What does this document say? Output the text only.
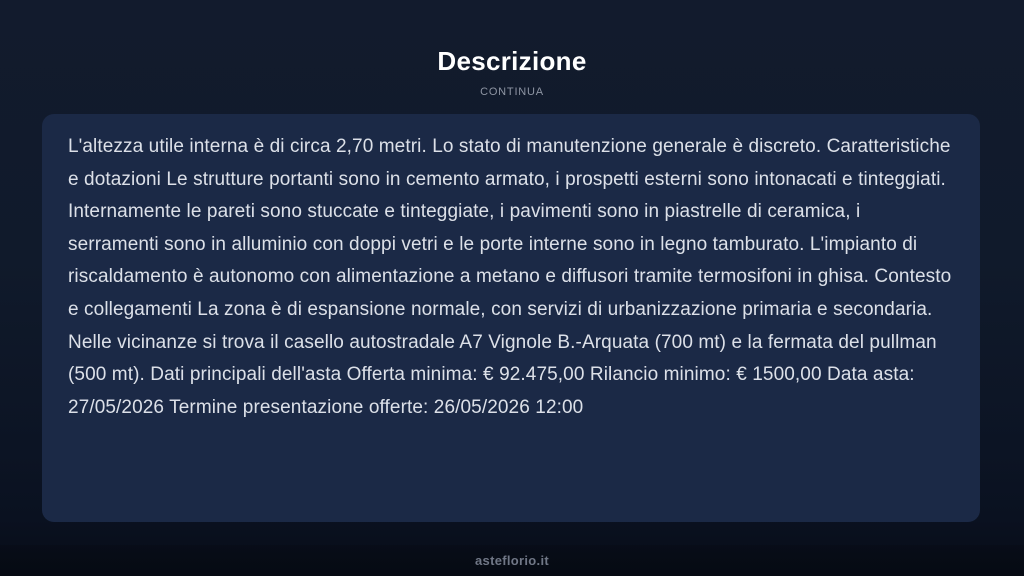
Descrizione
CONTINUA
L'altezza utile interna è di circa 2,70 metri. Lo stato di manutenzione generale è discreto. Caratteristiche e dotazioni Le strutture portanti sono in cemento armato, i prospetti esterni sono intonacati e tinteggiati. Internamente le pareti sono stuccate e tinteggiate, i pavimenti sono in piastrelle di ceramica, i serramenti sono in alluminio con doppi vetri e le porte interne sono in legno tamburato. L'impianto di riscaldamento è autonomo con alimentazione a metano e diffusori tramite termosifoni in ghisa. Contesto e collegamenti La zona è di espansione normale, con servizi di urbanizzazione primaria e secondaria. Nelle vicinanze si trova il casello autostradale A7 Vignole B.-Arquata (700 mt) e la fermata del pullman (500 mt). Dati principali dell'asta Offerta minima: € 92.475,00 Rilancio minimo: € 1500,00 Data asta: 27/05/2026 Termine presentazione offerte: 26/05/2026 12:00
asteflorio.it
